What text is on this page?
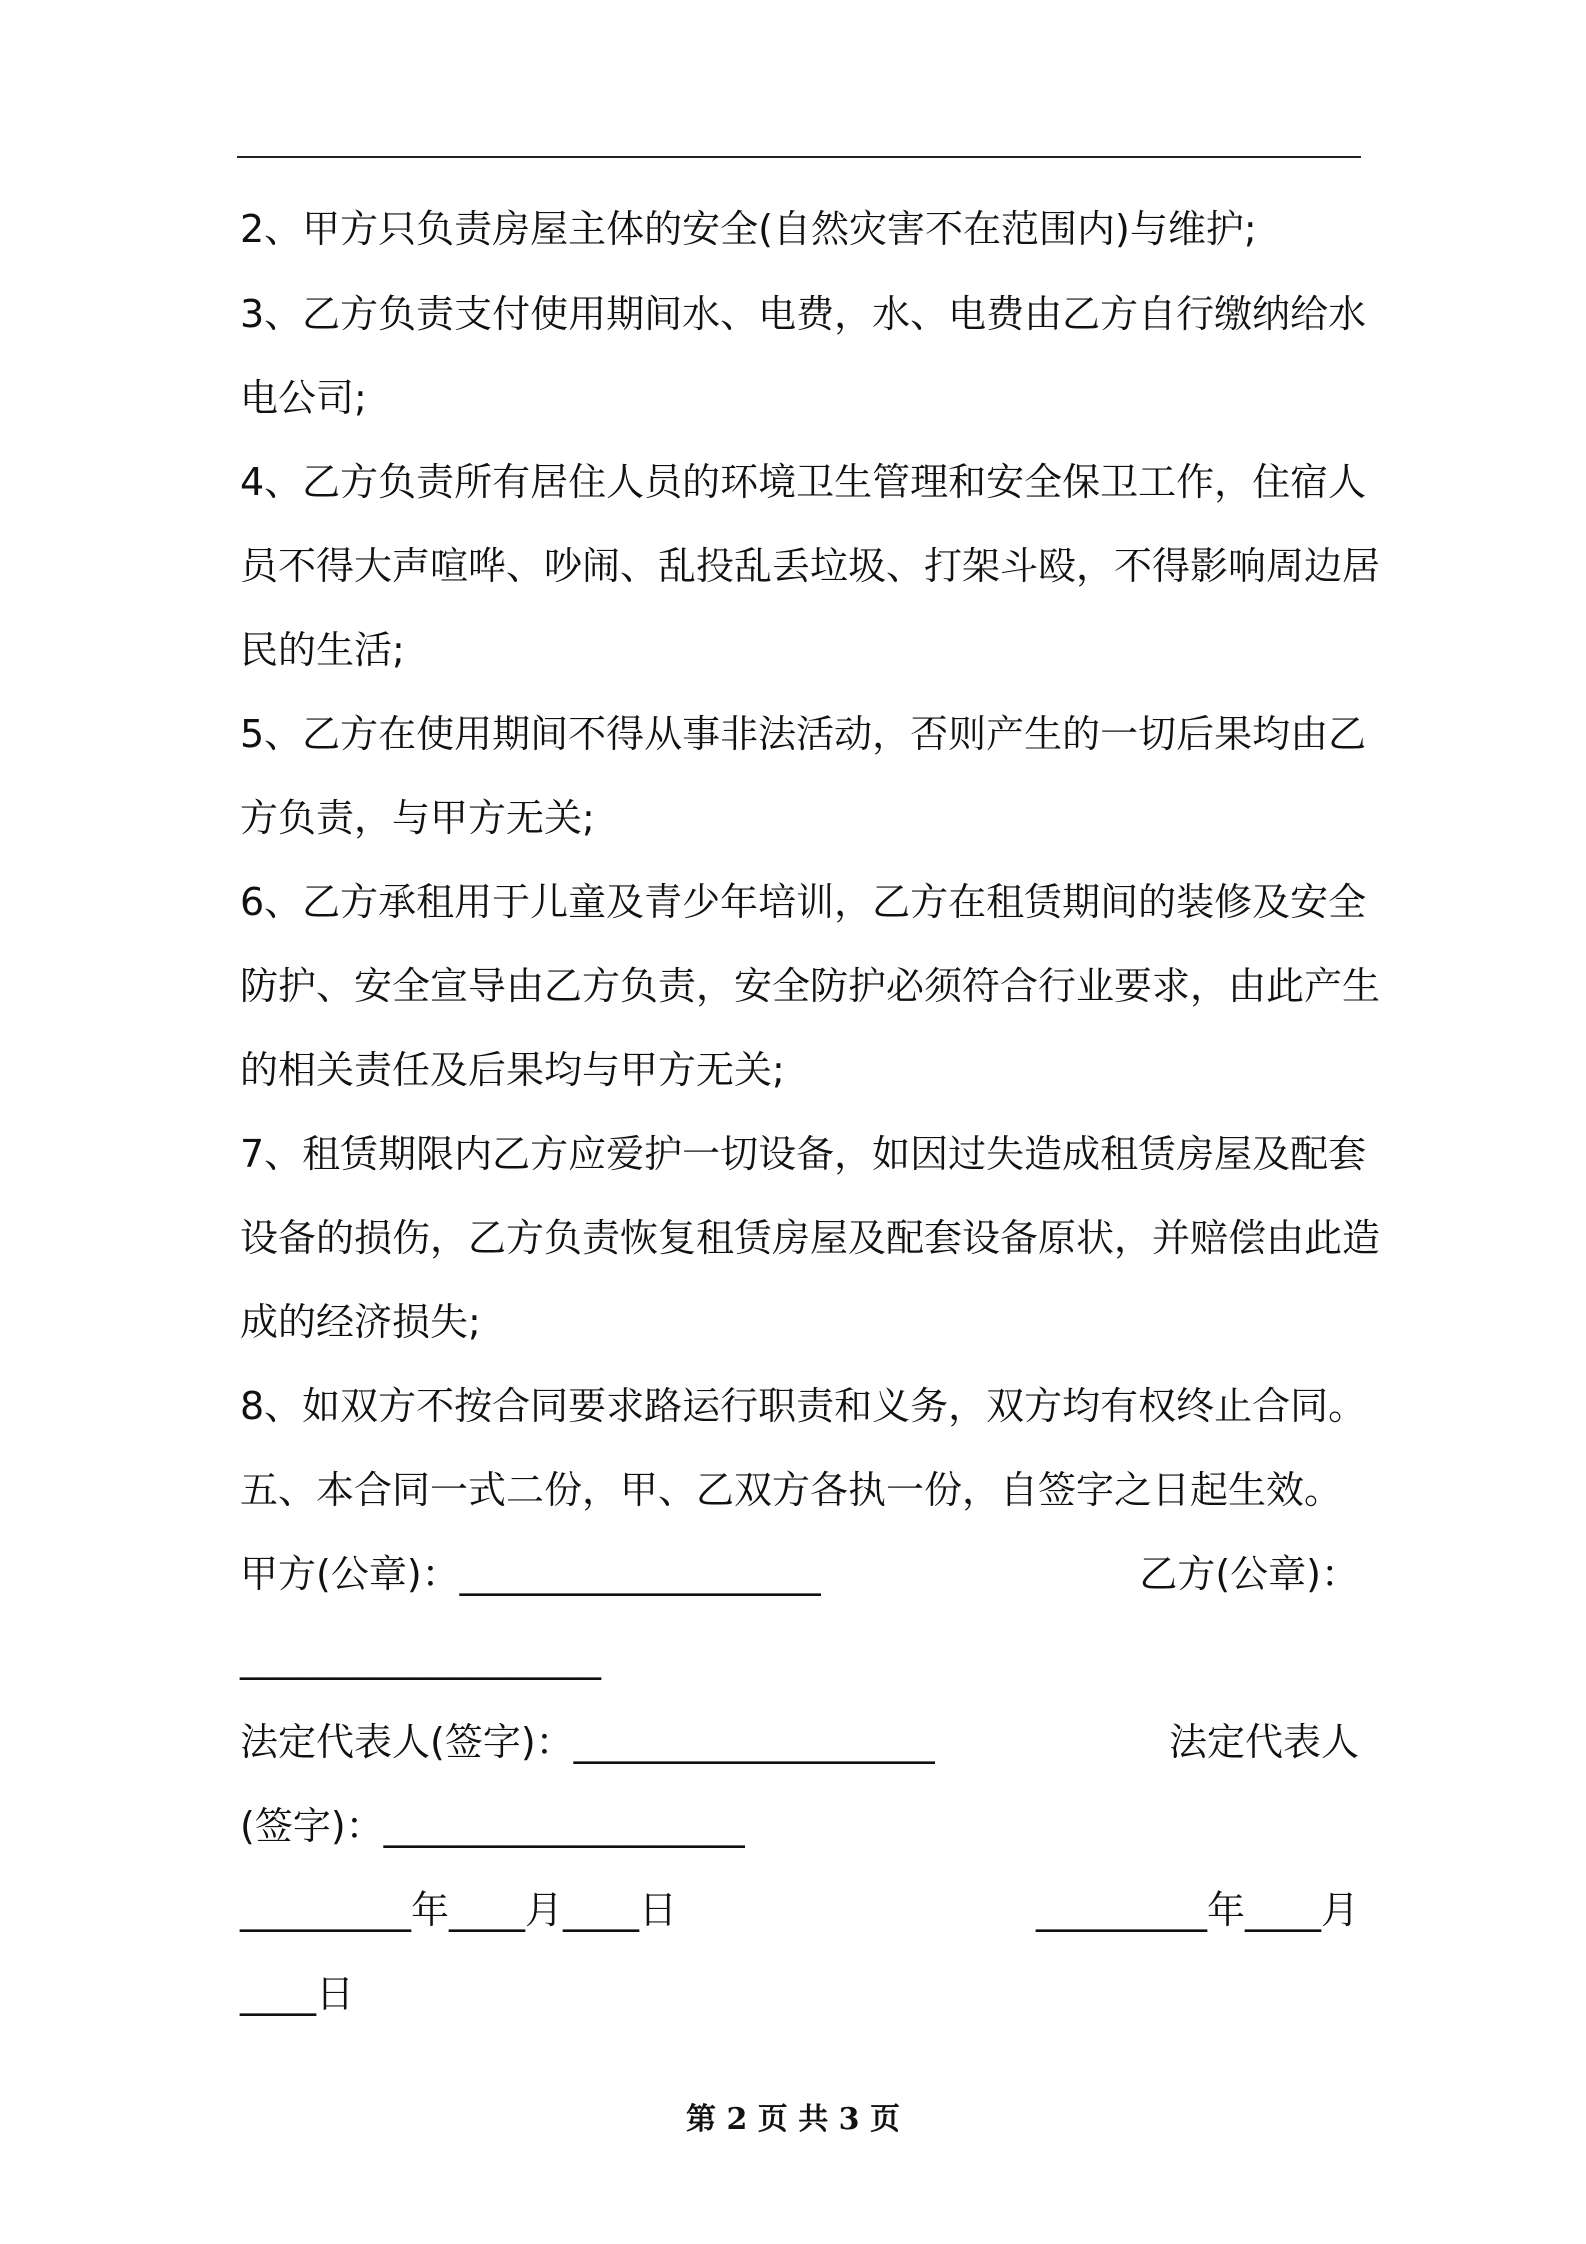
2、甲方只负责房屋主体的安全(自然灾害不在范围内)与维护;
3、乙方负责支付使用期间水、电费，水、电费由乙方自行缴纳给水
电公司;
4、乙方负责所有居住人员的环境卫生管理和安全保卫工作，住宿人
员不得大声喧哗、吵闹、乱投乱丢垃圾、打架斗殴，不得影响周边居
民的生活;
5、乙方在使用期间不得从事非法活动，否则产生的一切后果均由乙
方负责，与甲方无关;
6、乙方承租用于儿童及青少年培训，乙方在租赁期间的装修及安全
防护、安全宣导由乙方负责，安全防护必须符合行业要求，由此产生
的相关责任及后果均与甲方无关;
7、租赁期限内乙方应爱护一切设备，如因过失造成租赁房屋及配套
设备的损伤，乙方负责恢复租赁房屋及配套设备原状，并赔偿由此造
成的经济损失;
8、如双方不按合同要求路运行职责和义务，双方均有权终止合同。
五、本合同一式二份，甲、乙双方各执一份，自签字之日起生效。
甲方(公章)：___________________	乙方(公章)：
___________________
法定代表人(签字)：___________________	法定代表人
(签字)：___________________
_________年____月____日	_________年____月
____日
第 2 页 共 3 页
